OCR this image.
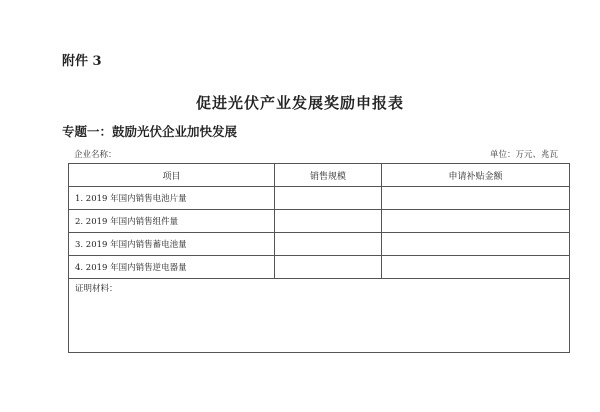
附件 3
促进光伏产业发展奖励申报表
专题一：鼓励光伏企业加快发展
企业名称：	单位：万元、兆瓦
项目	销售规模	申请补贴金额
1. 2019 年国内销售电池片量		
2. 2019 年国内销售组件量		
3. 2019 年国内销售蓄电池量		
4. 2019 年国内销售逆电器量		
证明材料：		
